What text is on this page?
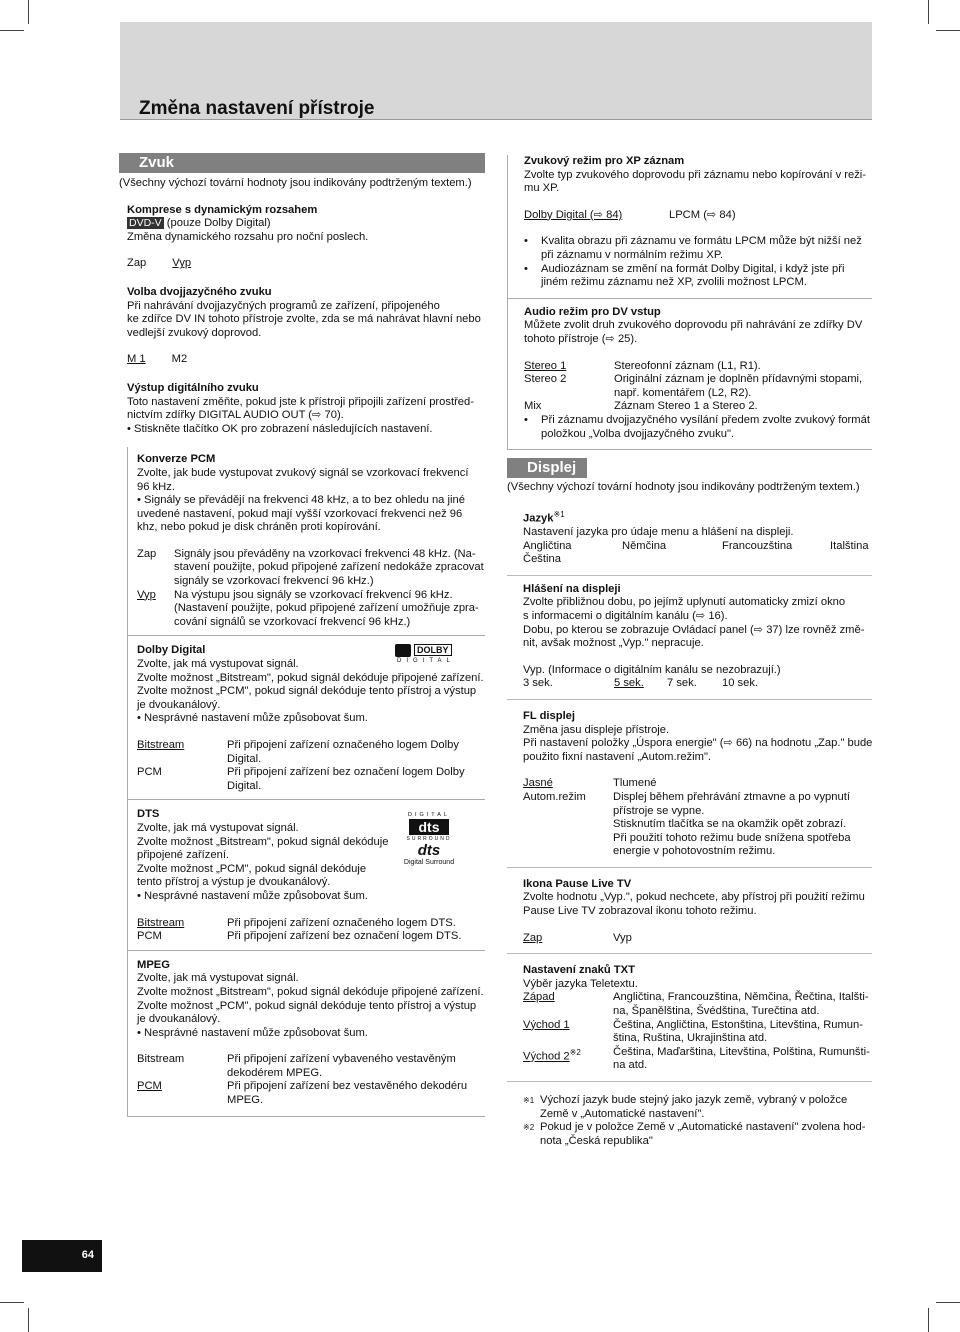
Změna nastavení přístroje
Zvuk

(Všechny výchozí tovární hodnoty jsou indikovány podtrženým textem.)

Komprese s dynamickým rozsahem

DVD-V (pouze Dolby Digital)

Změna dynamického rozsahu pro noční poslech.

Zap Vyp

Volba dvojjazyčného zvuku

Při nahrávání dvojjazyčných programů ze zařízení, připojeného

ke zdířce DV IN tohoto přístroje zvolte, zda se má nahrávat hlavní nebo

vedlejší zvukový doprovod.

M 1 M2

Výstup digitálního zvuku

Toto nastavení změňte, pokud jste k přístroji připojili zařízení prostřed-

nictvím zdířky DIGITAL AUDIO OUT (⇨ 70).

• Stiskněte tlačítko OK pro zobrazení následujících nastavení.

Konverze PCM

Zvolte, jak bude vystupovat zvukový signál se vzorkovací frekvencí

96 kHz.

• Signály se převádějí na frekvenci 48 kHz, a to bez ohledu na jiné

uvedené nastavení, pokud mají vyšší vzorkovací frekvenci než 96

khz, nebo pokud je disk chráněn proti kopírování.

Zap	Signály jsou převáděny na vzorkovací frekvenci 48 kHz. (Na-

stavení použijte, pokud připojené zařízení nedokáže zpracovat

signály se vzorkovací frekvencí 96 kHz.)

Vyp	Na výstupu jsou signály se vzorkovací frekvencí 96 kHz.

(Nastavení použijte, pokud připojené zařízení umožňuje zpra-

cování signálů se vzorkovací frekvencí 96 kHz.)

DOLBY
DIGITAL

Dolby Digital

Zvolte, jak má vystupovat signál.

Zvolte možnost „Bitstream", pokud signál dekóduje připojené zařízení.

Zvolte možnost „PCM", pokud signál dekóduje tento přístroj a výstup

je dvoukanálový.

• Nesprávné nastavení může způsobovat šum.

Bitstream	Při připojení zařízení označeného logem Dolby

Digital.

PCM	Při připojení zařízení bez označení logem Dolby

Digital.

DIGITAL
dts
SURROUND
dts
Digital Surround

DTS

Zvolte, jak má vystupovat signál.

Zvolte možnost „Bitstream", pokud signál dekóduje

připojené zařízení.

Zvolte možnost „PCM", pokud signál dekóduje

tento přístroj a výstup je dvoukanálový.

• Nesprávné nastavení může způsobovat šum.

Bitstream	Při připojení zařízení označeného logem DTS.

PCM	Při připojení zařízení bez označení logem DTS.

MPEG

Zvolte, jak má vystupovat signál.

Zvolte možnost „Bitstream", pokud signál dekóduje připojené zařízení.

Zvolte možnost „PCM", pokud signál dekóduje tento přístroj a výstup

je dvoukanálový.

• Nesprávné nastavení může způsobovat šum.

Bitstream	Při připojení zařízení vybaveného vestavěným

dekodérem MPEG.

PCM	Při připojení zařízení bez vestavěného dekodéru

MPEG.

Zvukový režim pro XP záznam

Zvolte typ zvukového doprovodu při záznamu nebo kopírování v reži-

mu XP.

Dolby Digital (⇨ 84)	LPCM (⇨ 84)

•	Kvalita obrazu při záznamu ve formátu LPCM může být nižší než

při záznamu v normálním režimu XP.

•	Audiozáznam se změní na formát Dolby Digital, i když jste při

jiném režimu záznamu než XP, zvolili možnost LPCM.

Audio režim pro DV vstup

Můžete zvolit druh zvukového doprovodu při nahrávání ze zdířky DV

tohoto přístroje (⇨ 25).

Stereo 1	Stereofonní záznam (L1, R1).

Stereo 2	Originální záznam je doplněn přídavnými stopami,

např. komentářem (L2, R2).

Mix	Záznam Stereo 1 a Stereo 2.

•	Při záznamu dvojjazyčného vysílání předem zvolte zvukový formát

položkou „Volba dvojjazyčného zvuku".

Displej

(Všechny výchozí tovární hodnoty jsou indikovány podtrženým textem.)

Jazyk$^{※1}$

Nastavení jazyka pro údaje menu a hlášení na displeji.

Angličtina	Němčina	Francouzština	Italština

Čeština

Hlášení na displeji

Zvolte přibližnou dobu, po jejímž uplynutí automaticky zmizí okno

s informacemi o digitálním kanálu (⇨ 16).

Dobu, po kterou se zobrazuje Ovládací panel (⇨ 37) lze rovněž změ-

nit, avšak možnost „Vyp." nepracuje.

Vyp. (Informace o digitálním kanálu se nezobrazují.)

3 sek.	5 sek.	7 sek.	10 sek.

FL displej

Změna jasu displeje přístroje.

Při nastavení položky „Úspora energie" (⇨ 66) na hodnotu „Zap." bude

použito fixní nastavení „Autom.režim".

Jasné	Tlumené

Autom.režim	Displej během přehrávání ztmavne a po vypnutí

přístroje se vypne.

Stisknutím tlačítka se na okamžik opět zobrazí.

Při použití tohoto režimu bude snížena spotřeba

energie v pohotovostním režimu.

Ikona Pause Live TV

Zvolte hodnotu „Vyp.", pokud nechcete, aby přístroj při použití režimu

Pause Live TV zobrazoval ikonu tohoto režimu.

Zap	Vyp

Nastavení znaků TXT

Výběr jazyka Teletextu.

Západ	Angličtina, Francouzština, Němčina, Řečtina, Italšti-

na, Španělština, Švédština, Turečtina atd.

Východ 1	Čeština, Angličtina, Estonština, Litevština, Rumun-

ština, Ruština, Ukrajinština atd.

Východ 2$^{※2}$	Čeština, Maďarština, Litevština, Polština, Rumunšti-

na atd.

※1 Výchozí jazyk bude stejný jako jazyk země, vybraný v položce

Země v „Automatické nastavení".

※2 Pokud je v položce Země v „Automatické nastavení" zvolena hod-

nota „Česká republika"

64
